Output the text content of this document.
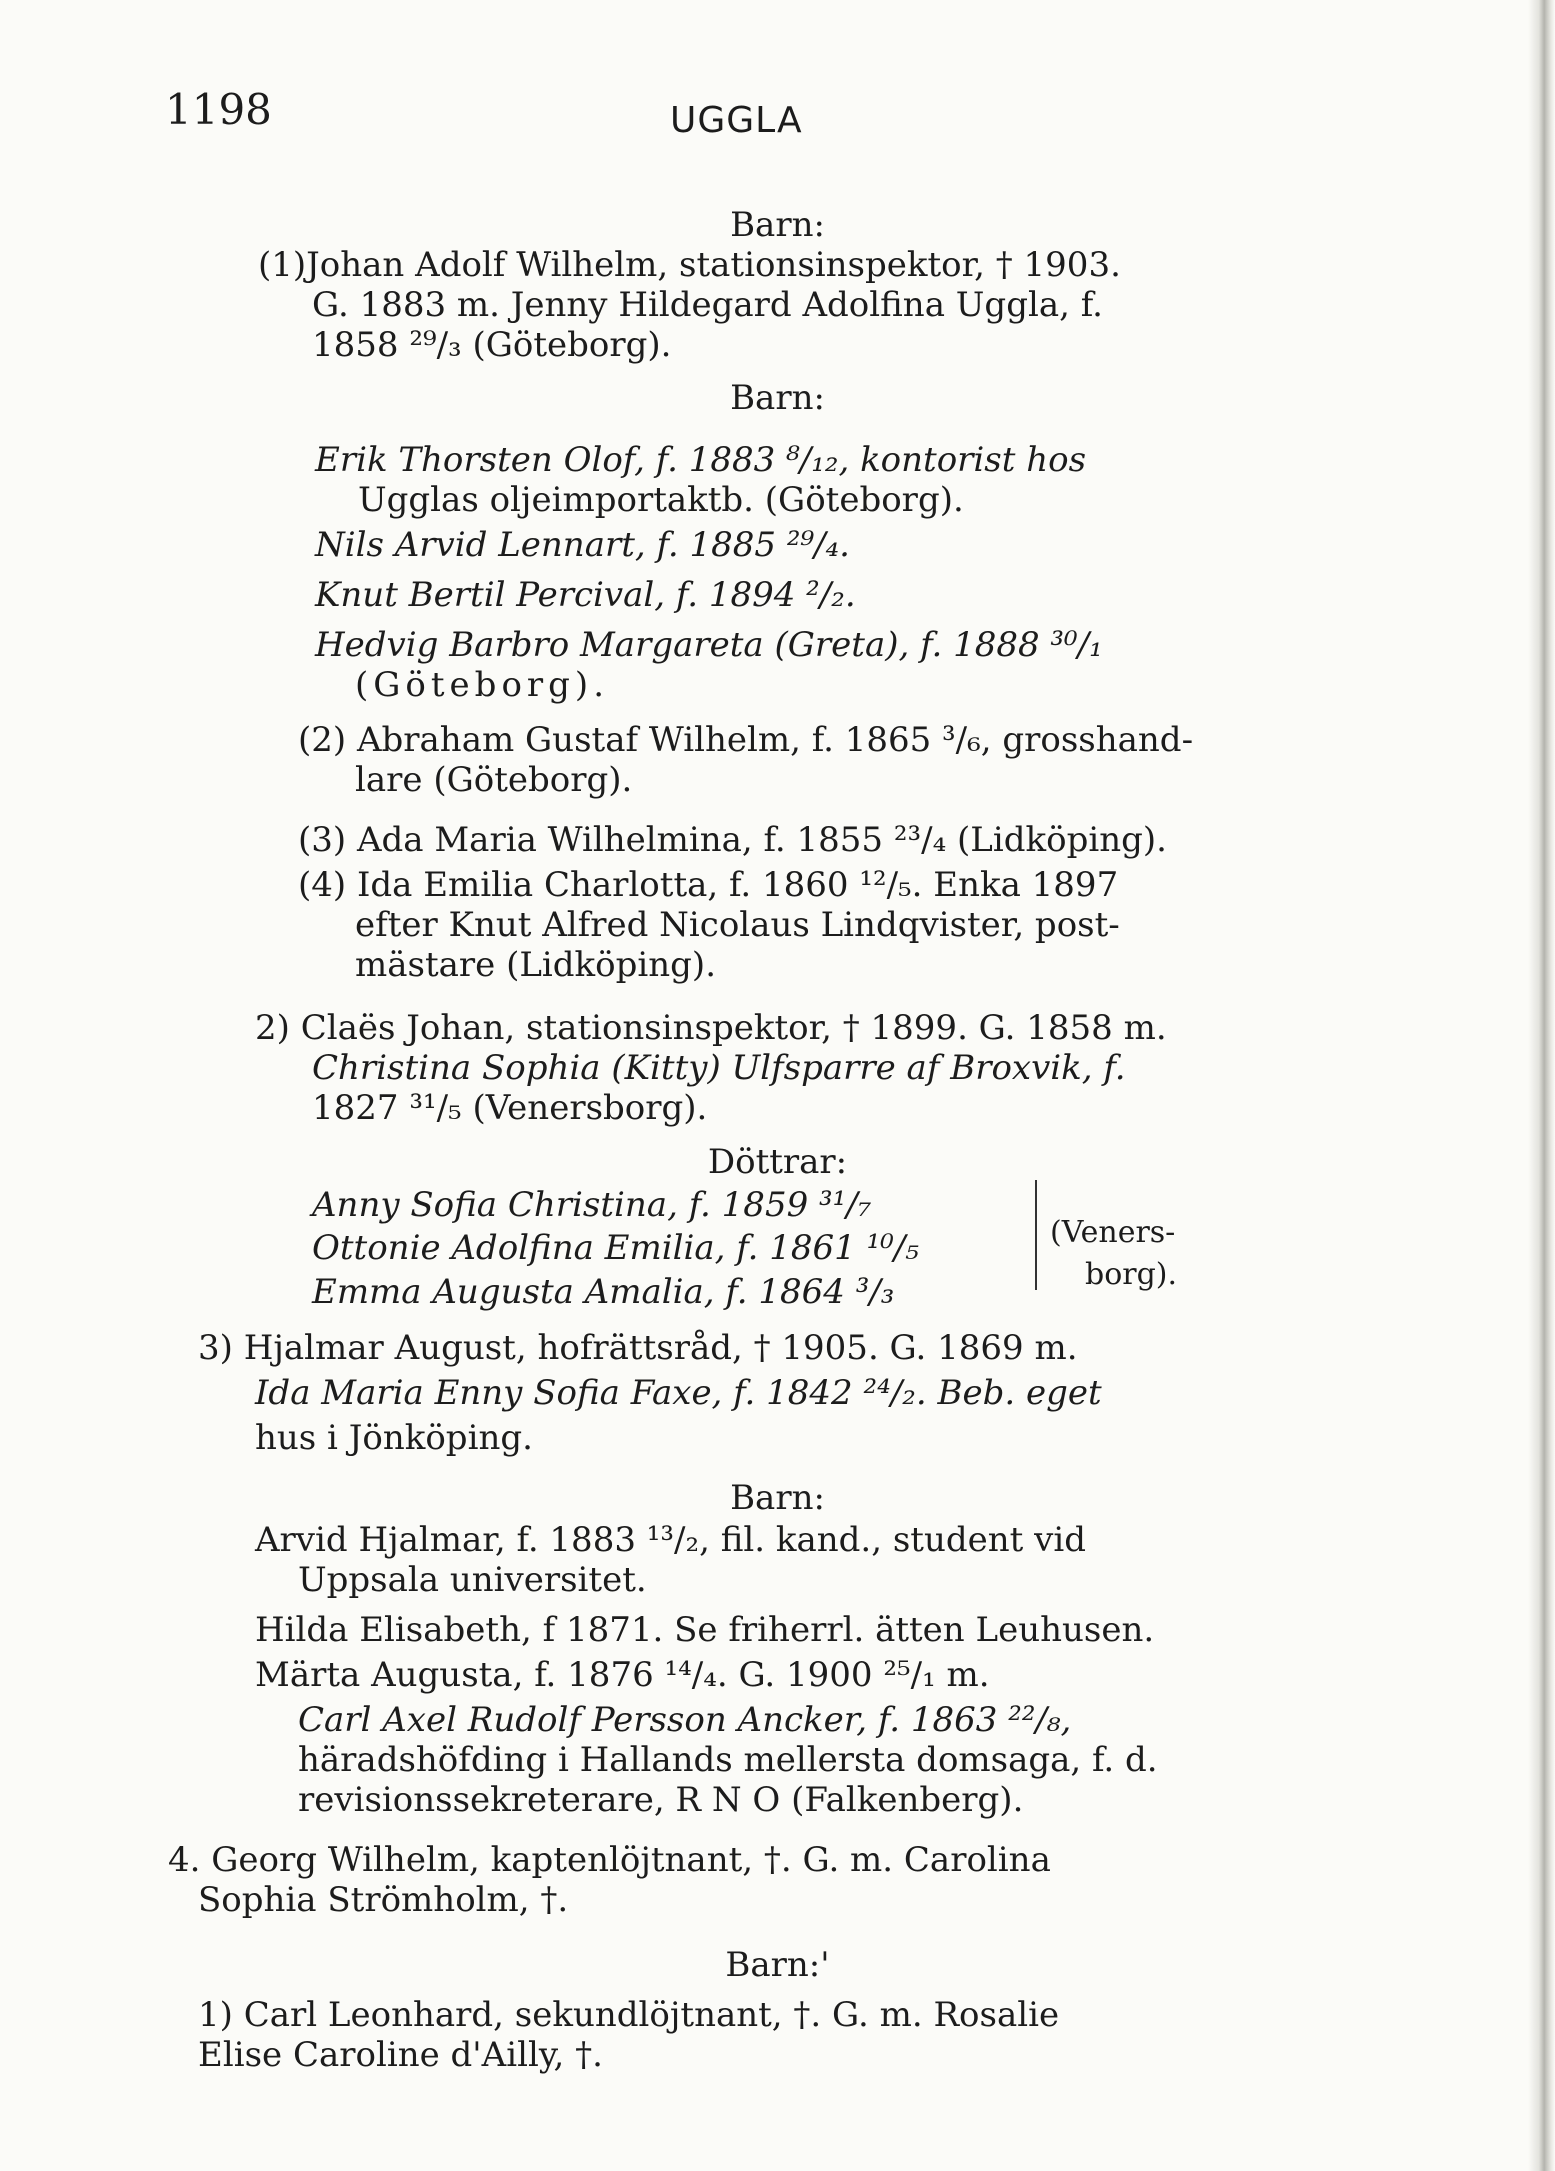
1198	UGGLA
Barn:
(1)Johan Adolf Wilhelm, stationsinspektor, † 1903.
G. 1883 m. Jenny Hildegard Adolfina Uggla, f.
1858 ²⁹/₃ (Göteborg).
Barn:
Erik Thorsten Olof, f. 1883 ⁸/₁₂, kontorist hos
Ugglas oljeimportaktb. (Göteborg).
Nils Arvid Lennart, f. 1885 ²⁹/₄.
Knut Bertil Percival, f. 1894 ²/₂.
Hedvig Barbro Margareta (Greta), f. 1888 ³⁰/₁
(Göteborg).
(2) Abraham Gustaf Wilhelm, f. 1865 ³/₆, grosshand-
lare (Göteborg).
(3) Ada Maria Wilhelmina, f. 1855 ²³/₄ (Lidköping).
(4) Ida Emilia Charlotta, f. 1860 ¹²/₅. Enka 1897
efter Knut Alfred Nicolaus Lindqvister, post-
mästare (Lidköping).
2) Claës Johan, stationsinspektor, † 1899. G. 1858 m.
Christina Sophia (Kitty) Ulfsparre af Broxvik, f.
1827 ³¹/₅ (Venersborg).
Döttrar:
Anny Sofia Christina, f. 1859 ³¹/₇
Ottonie Adolfina Emilia, f. 1861 ¹⁰/₅
Emma Augusta Amalia, f. 1864 ³/₃
(Veners-
borg).
3) Hjalmar August, hofrättsråd, † 1905. G. 1869 m.
Ida Maria Enny Sofia Faxe, f. 1842 ²⁴/₂. Beb. eget
hus i Jönköping.
Barn:
Arvid Hjalmar, f. 1883 ¹³/₂, fil. kand., student vid
Uppsala universitet.
Hilda Elisabeth, f 1871. Se friherrl. ätten Leuhusen.
Märta Augusta, f. 1876 ¹⁴/₄. G. 1900 ²⁵/₁ m.
Carl Axel Rudolf Persson Ancker, f. 1863 ²²/₈,
häradshöfding i Hallands mellersta domsaga, f. d.
revisionssekreterare, R N O (Falkenberg).
4. Georg Wilhelm, kaptenlöjtnant, †. G. m. Carolina
Sophia Strömholm, †.
Barn:'
1) Carl Leonhard, sekundlöjtnant, †. G. m. Rosalie
Elise Caroline d'Ailly, †.
